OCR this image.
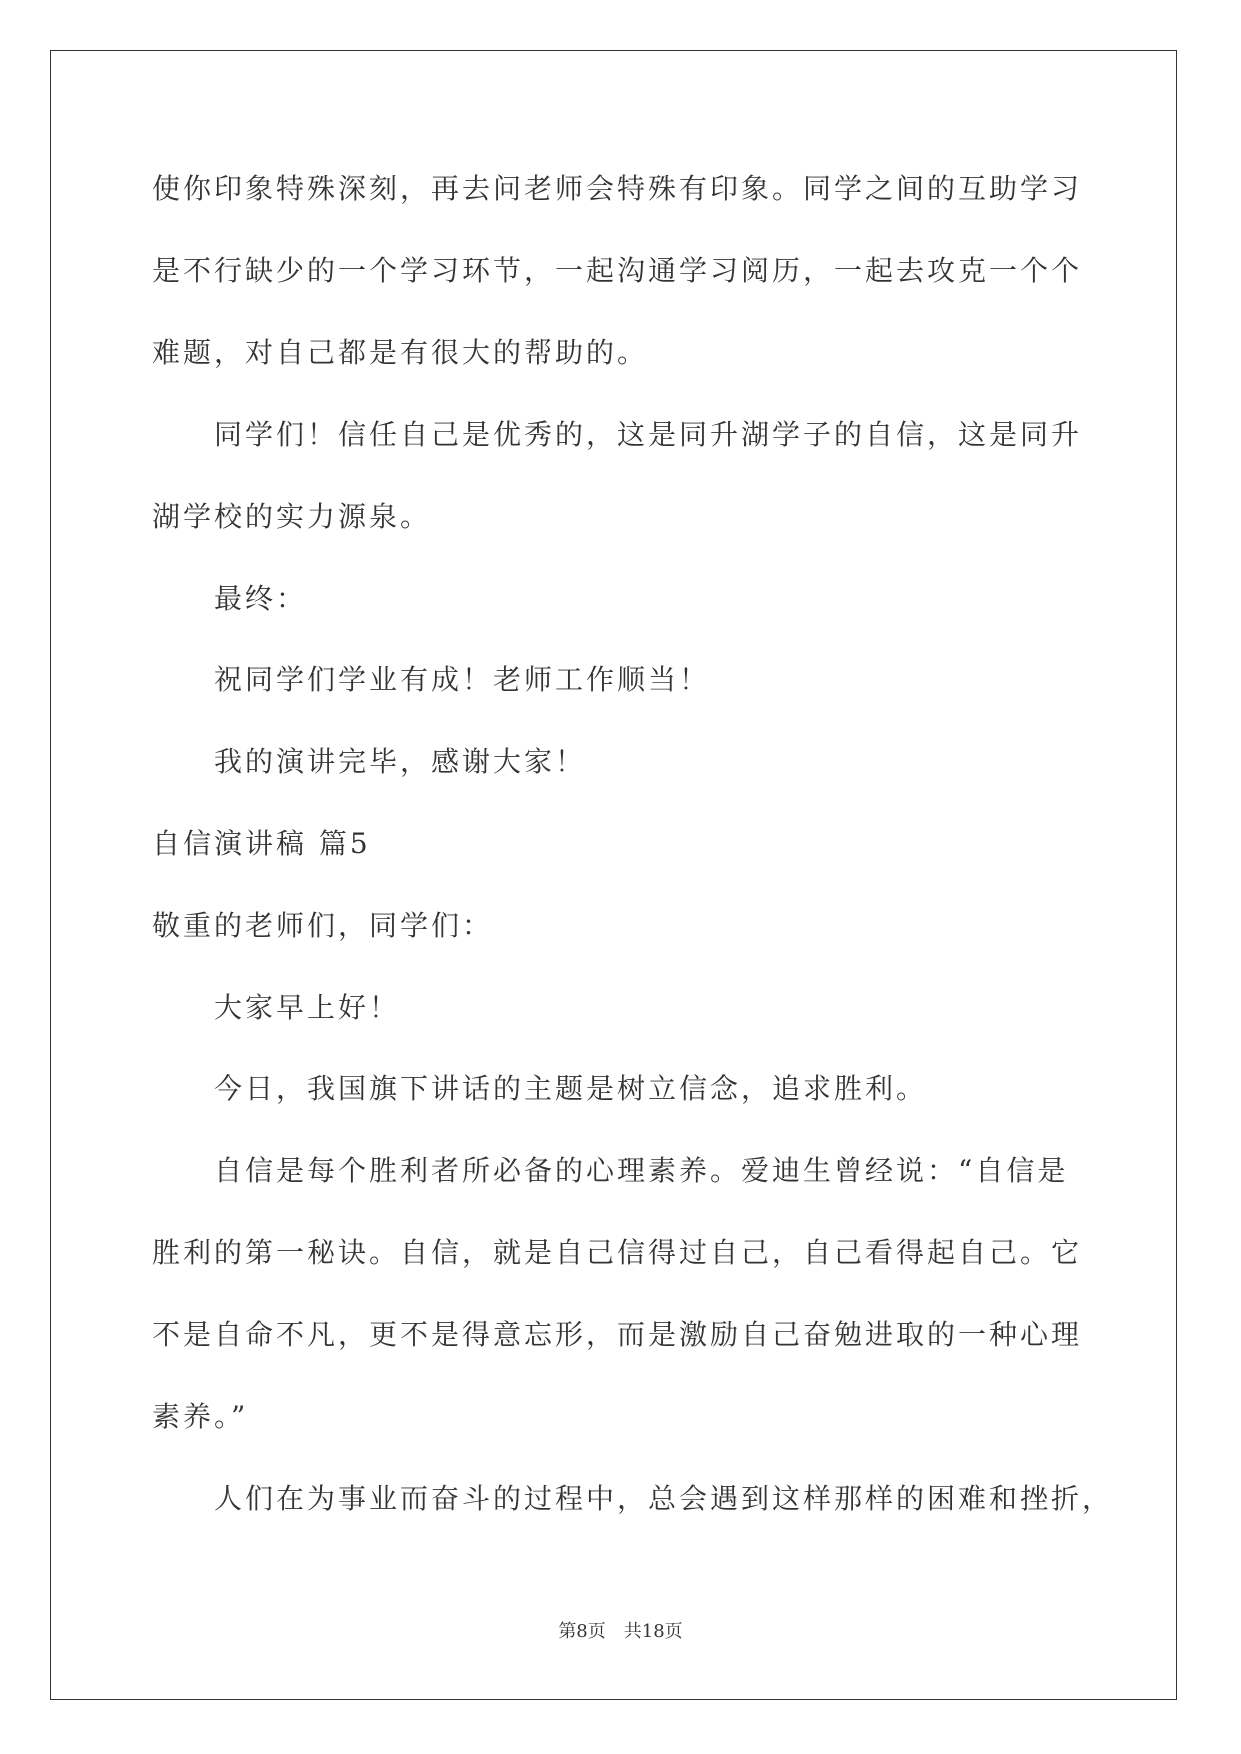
使你印象特殊深刻，再去问老师会特殊有印象。同学之间的互助学习
是不行缺少的一个学习环节，一起沟通学习阅历，一起去攻克一个个
难题，对自己都是有很大的帮助的。
同学们！信任自己是优秀的，这是同升湖学子的自信，这是同升
湖学校的实力源泉。
最终：
祝同学们学业有成！老师工作顺当！
我的演讲完毕，感谢大家！
自信演讲稿 篇5
敬重的老师们，同学们：
大家早上好！
今日，我国旗下讲话的主题是树立信念，追求胜利。
自信是每个胜利者所必备的心理素养。爱迪生曾经说：“自信是
胜利的第一秘诀。自信，就是自己信得过自己，自己看得起自己。它
不是自命不凡，更不是得意忘形，而是激励自己奋勉进取的一种心理
素养。”
人们在为事业而奋斗的过程中，总会遇到这样那样的困难和挫折，
第8页　共18页
